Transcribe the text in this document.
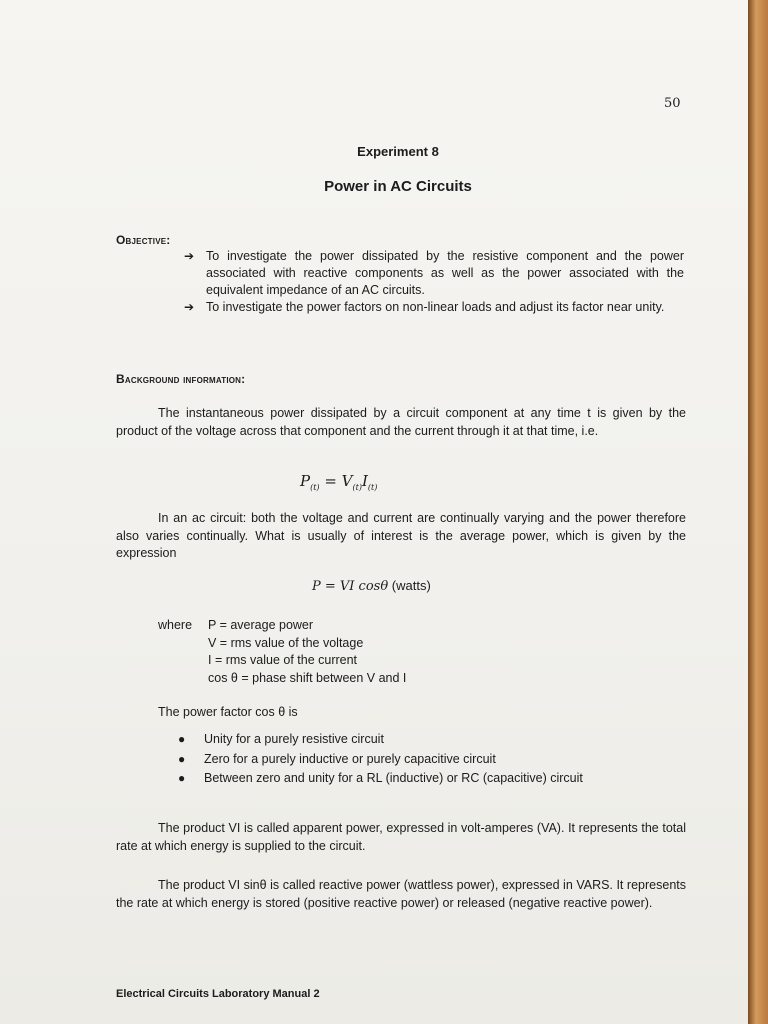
50
Experiment 8
Power in AC Circuits
Objective:
➔ To investigate the power dissipated by the resistive component and the power associated with reactive components as well as the power associated with the equivalent impedance of an AC circuits.
➔ To investigate the power factors on non-linear loads and adjust its factor near unity.
Background information:
The instantaneous power dissipated by a circuit component at any time t is given by the product of the voltage across that component and the current through it at that time, i.e.
$P_{(t)} = V_{(t)}I_{(t)}$
In an ac circuit: both the voltage and current are continually varying and the power therefore also varies continually. What is usually of interest is the average power, which is given by the expression
P = VI cosθ (watts)
where	P = average power
V = rms value of the voltage
I = rms value of the current
cos θ = phase shift between V and I
The power factor cos θ is
●	Unity for a purely resistive circuit
●	Zero for a purely inductive or purely capacitive circuit
●	Between zero and unity for a RL (inductive) or RC (capacitive) circuit
The product VI is called apparent power, expressed in volt-amperes (VA). It represents the total rate at which energy is supplied to the circuit.
The product VI sinθ is called reactive power (wattless power), expressed in VARS. It represents the rate at which energy is stored (positive reactive power) or released (negative reactive power).
Electrical Circuits Laboratory Manual 2
